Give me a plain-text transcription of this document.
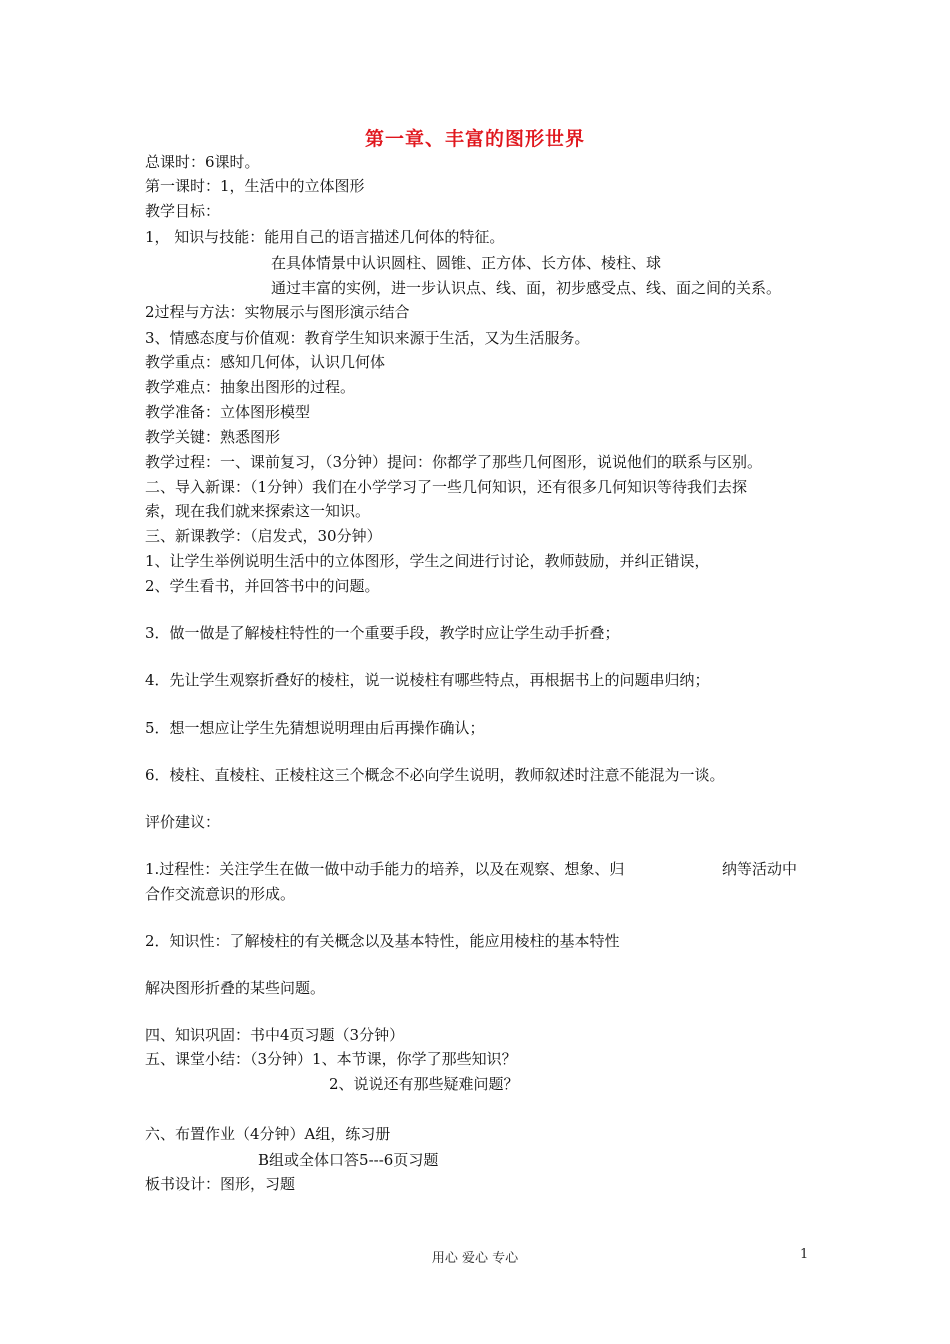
第一章、丰富的图形世界
总课时：6课时。
第一课时：1，生活中的立体图形
教学目标：
1， 知识与技能：能用自己的语言描述几何体的特征。
在具体情景中认识圆柱、圆锥、正方体、长方体、棱柱、球
通过丰富的实例，进一步认识点、线、面，初步感受点、线、面之间的关系。
2过程与方法：实物展示与图形演示结合
3、情感态度与价值观：教育学生知识来源于生活，又为生活服务。
教学重点：感知几何体，认识几何体
教学难点：抽象出图形的过程。
教学准备：立体图形模型
教学关键：熟悉图形
教学过程：一、课前复习，（3分钟）提问：你都学了那些几何图形，说说他们的联系与区别。
二、导入新课：（1分钟）我们在小学学习了一些几何知识，还有很多几何知识等待我们去探
索，现在我们就来探索这一知识。
三、新课教学：（启发式，30分钟）
1、让学生举例说明生活中的立体图形，学生之间进行讨论，教师鼓励，并纠正错误，
2、学生看书，并回答书中的问题。
3．做一做是了解棱柱特性的一个重要手段，教学时应让学生动手折叠；
4．先让学生观察折叠好的棱柱，说一说棱柱有哪些特点，再根据书上的问题串归纳；
5．想一想应让学生先猜想说明理由后再操作确认；
6．棱柱、直棱柱、正棱柱这三个概念不必向学生说明，教师叙述时注意不能混为一谈。
评价建议：
1.过程性：关注学生在做一做中动手能力的培养，以及在观察、想象、归	纳等活动中
合作交流意识的形成。
2．知识性：了解棱柱的有关概念以及基本特性，能应用棱柱的基本特性
解决图形折叠的某些问题。
四、知识巩固：书中4页习题（3分钟）
五、课堂小结：（3分钟）1、本节课，你学了那些知识？
2、说说还有那些疑难问题？
六、布置作业（4分钟）A组，练习册
B组或全体口答5---6页习题
板书设计：图形，习题
用心 爱心 专心	1
